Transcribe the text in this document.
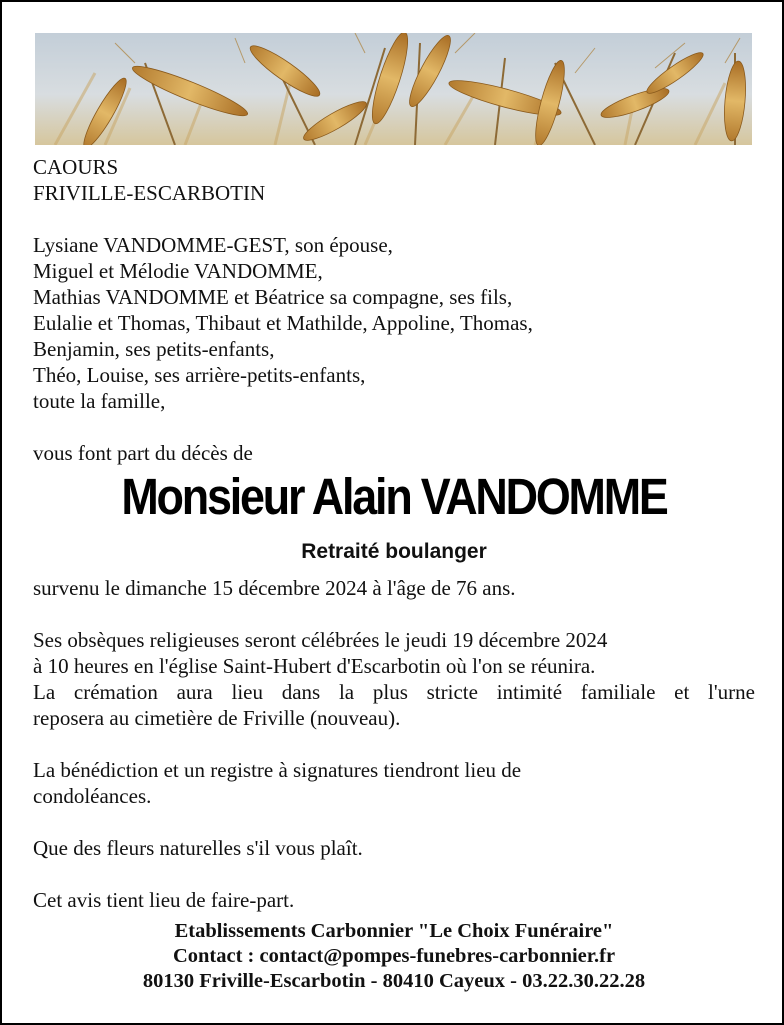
CAOURS
FRIVILLE-ESCARBOTIN
Lysiane VANDOMME-GEST, son épouse,
Miguel et Mélodie VANDOMME,
Mathias VANDOMME et Béatrice sa compagne, ses fils,
Eulalie et Thomas, Thibaut et Mathilde, Appoline, Thomas,
Benjamin, ses petits-enfants,
Théo, Louise, ses arrière-petits-enfants,
toute la famille,
vous font part du décès de
Monsieur Alain VANDOMME
Retraité boulanger
survenu le dimanche 15 décembre 2024 à l'âge de 76 ans.
Ses obsèques religieuses seront célébrées le jeudi 19 décembre 2024
à 10 heures en l'église Saint-Hubert d'Escarbotin où l'on se réunira.
La crémation aura lieu dans la plus stricte intimité familiale et l'urne
reposera au cimetière de Friville (nouveau).
La bénédiction et un registre à signatures tiendront lieu de
condoléances.
Que des fleurs naturelles s'il vous plaît.
Cet avis tient lieu de faire-part.
Etablissements Carbonnier "Le Choix Funéraire"
Contact : contact@pompes-funebres-carbonnier.fr
80130 Friville-Escarbotin - 80410 Cayeux - 03.22.30.22.28
